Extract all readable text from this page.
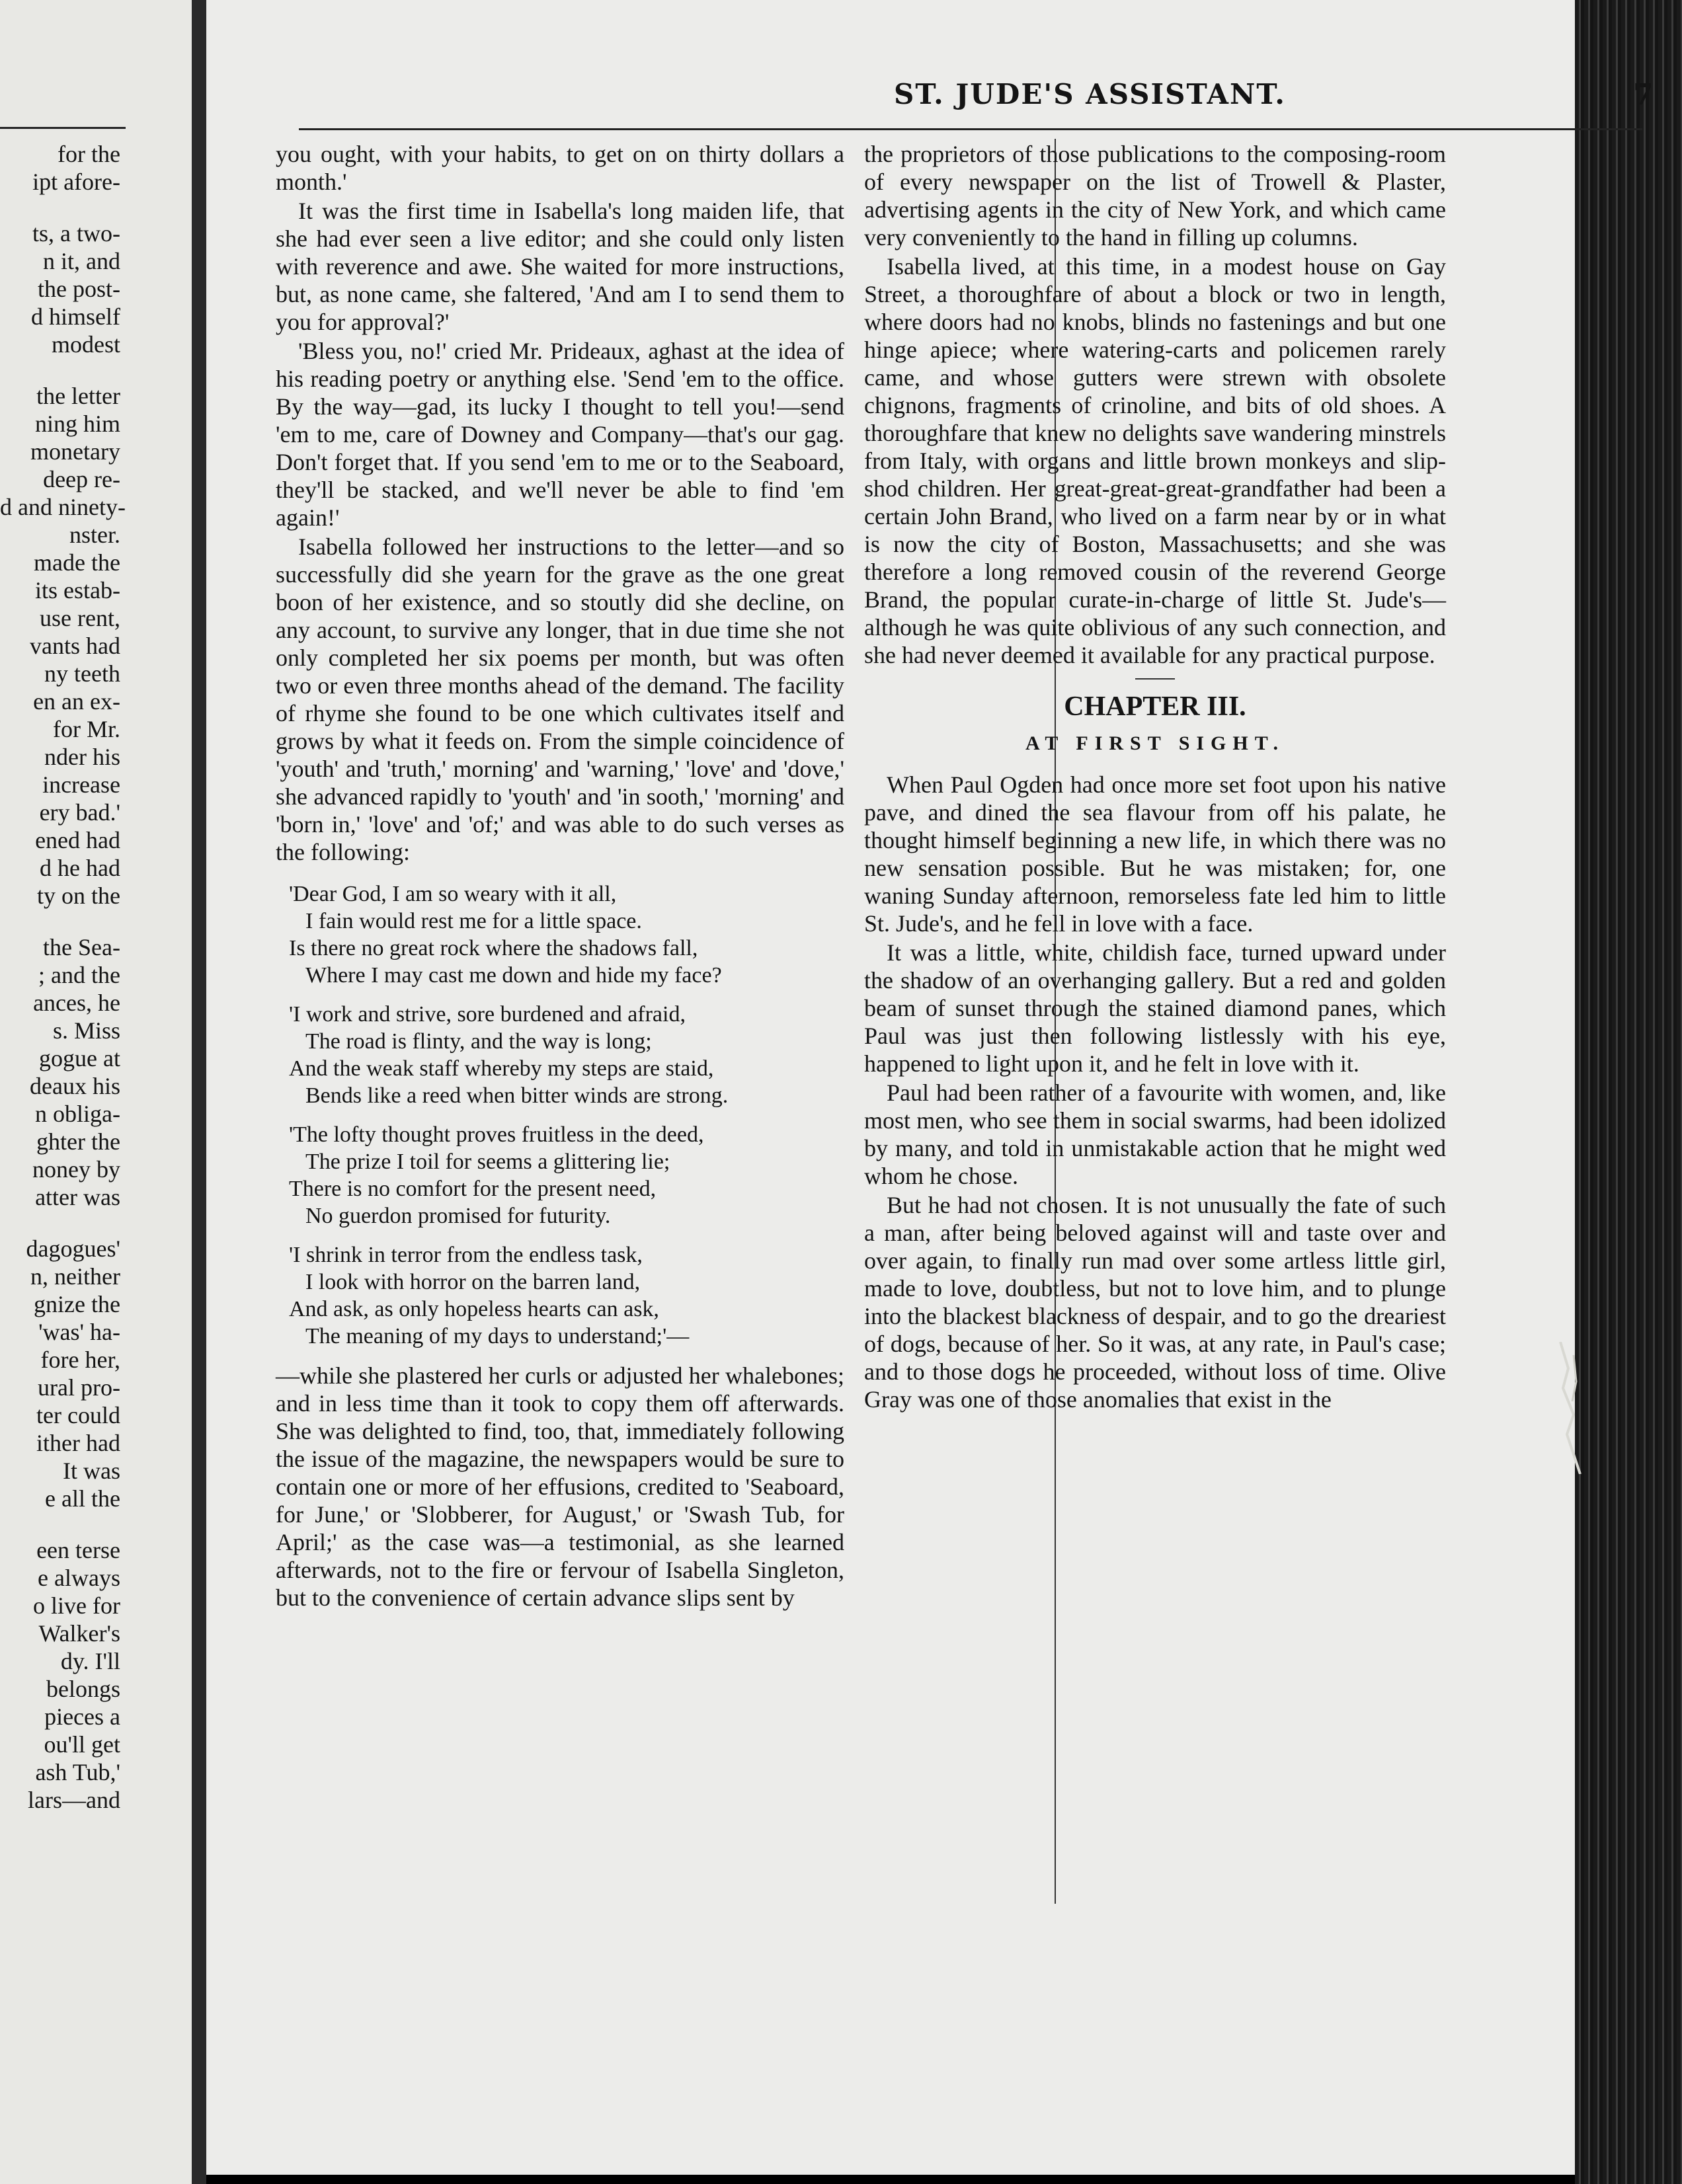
for the
ipt afore-
ts, a two-
n it, and
the post-
d himself
modest
the letter
ning him
monetary
deep re-
d and ninety-
nster.
made the
its estab-
use rent,
vants had
ny teeth
en an ex-
for Mr.
nder his
increase
ery bad.'
ened had
d he had
ty on the
the Sea-
; and the
ances, he
s. Miss
gogue at
deaux his
n obliga-
ghter the
noney by
atter was
dagogues'
n, neither
gnize the
'was' ha-
fore her,
ural pro-
ter could
ither had
It was
e all the
een terse
e always
o live for
Walker's
dy. I'll
belongs
pieces a
ou'll get
ash Tub,'
lars—and
ST. JUDE'S ASSISTANT.	7

you ought, with your habits, to get on on thirty dollars a month.'

It was the first time in Isabella's long maiden life, that she had ever seen a live editor; and she could only listen with reverence and awe. She waited for more instructions, but, as none came, she faltered, 'And am I to send them to you for approval?'

'Bless you, no!' cried Mr. Prideaux, aghast at the idea of his reading poetry or anything else. 'Send 'em to the office. By the way—gad, its lucky I thought to tell you!—send 'em to me, care of Downey and Company—that's our gag. Don't forget that. If you send 'em to me or to the Seaboard, they'll be stacked, and we'll never be able to find 'em again!'

Isabella followed her instructions to the letter—and so successfully did she yearn for the grave as the one great boon of her existence, and so stoutly did she decline, on any account, to survive any longer, that in due time she not only completed her six poems per month, but was often two or even three months ahead of the demand. The facility of rhyme she found to be one which cultivates itself and grows by what it feeds on. From the simple coincidence of 'youth' and 'truth,' morning' and 'warning,' 'love' and 'dove,' she advanced rapidly to 'youth' and 'in sooth,' 'morning' and 'born in,' 'love' and 'of;' and was able to do such verses as the following:

'Dear God, I am so weary with it all,
I fain would rest me for a little space.
Is there no great rock where the shadows fall,
Where I may cast me down and hide my face?
'I work and strive, sore burdened and afraid,
The road is flinty, and the way is long;
And the weak staff whereby my steps are staid,
Bends like a reed when bitter winds are strong.
'The lofty thought proves fruitless in the deed,
The prize I toil for seems a glittering lie;
There is no comfort for the present need,
No guerdon promised for futurity.
'I shrink in terror from the endless task,
I look with horror on the barren land,
And ask, as only hopeless hearts can ask,
The meaning of my days to understand;'—

—while she plastered her curls or adjusted her whalebones; and in less time than it took to copy them off afterwards. She was delighted to find, too, that, immediately following the issue of the magazine, the newspapers would be sure to contain one or more of her effusions, credited to 'Seaboard, for June,' or 'Slobberer, for August,' or 'Swash Tub, for April;' as the case was—a testimonial, as she learned afterwards, not to the fire or fervour of Isabella Singleton, but to the convenience of certain advance slips sent by

the proprietors of those publications to the composing-room of every newspaper on the list of Trowell & Plaster, advertising agents in the city of New York, and which came very conveniently to the hand in filling up columns.

Isabella lived, at this time, in a modest house on Gay Street, a thoroughfare of about a block or two in length, where doors had no knobs, blinds no fastenings and but one hinge apiece; where watering-carts and policemen rarely came, and whose gutters were strewn with obsolete chignons, fragments of crinoline, and bits of old shoes. A thoroughfare that knew no delights save wandering minstrels from Italy, with organs and little brown monkeys and slip-shod children. Her great-great-great-grandfather had been a certain John Brand, who lived on a farm near by or in what is now the city of Boston, Massachusetts; and she was therefore a long removed cousin of the reverend George Brand, the popular curate-in-charge of little St. Jude's—although he was quite oblivious of any such connection, and she had never deemed it available for any practical purpose.

CHAPTER III.
AT FIRST SIGHT.

When Paul Ogden had once more set foot upon his native pave, and dined the sea flavour from off his palate, he thought himself beginning a new life, in which there was no new sensation possible. But he was mistaken; for, one waning Sunday afternoon, remorseless fate led him to little St. Jude's, and he fell in love with a face.

It was a little, white, childish face, turned upward under the shadow of an overhanging gallery. But a red and golden beam of sunset through the stained diamond panes, which Paul was just then following listlessly with his eye, happened to light upon it, and he felt in love with it.

Paul had been rather of a favourite with women, and, like most men, who see them in social swarms, had been idolized by many, and told in unmistakable action that he might wed whom he chose.

But he had not chosen. It is not unusually the fate of such a man, after being beloved against will and taste over and over again, to finally run mad over some artless little girl, made to love, doubtless, but not to love him, and to plunge into the blackest blackness of despair, and to go the dreariest of dogs, because of her. So it was, at any rate, in Paul's case; and to those dogs he proceeded, without loss of time. Olive Gray was one of those anomalies that exist in the
